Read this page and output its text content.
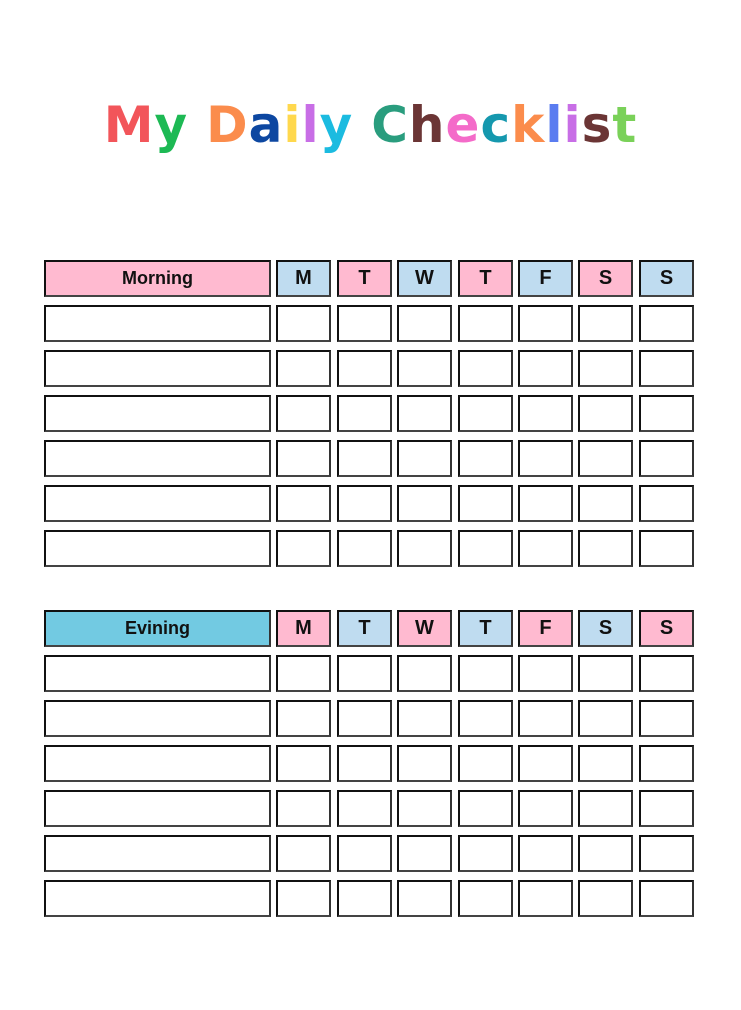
My Daily Checklist
Morning	M	T	W	T	F	S	S
Evining	M	T	W	T	F	S	S
